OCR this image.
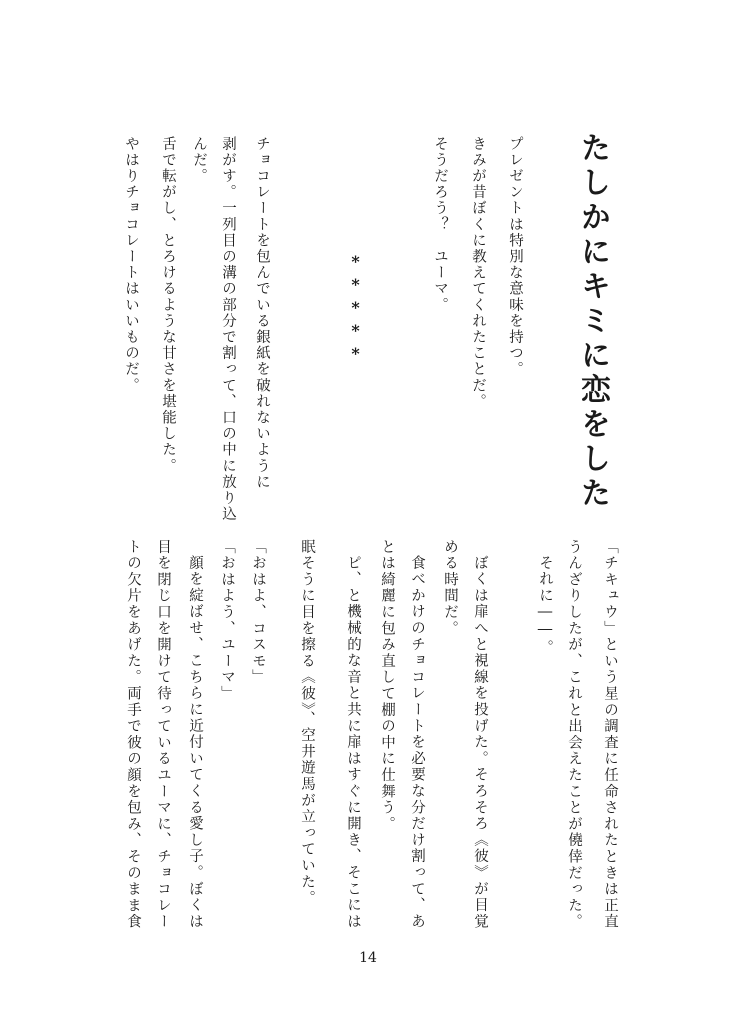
たしかにキミに恋をした
プレゼントは特別な意味を持つ。
きみが昔ぼくに教えてくれたことだ。
そうだろう？　ユーマ。
*****
チョコレートを包んでいる銀紙を破れないように
剥がす。一列目の溝の部分で割って、口の中に放り込
んだ。
舌で転がし、とろけるような甘さを堪能した。
やはりチョコレートはいいものだ。
「チキュウ」という星の調査に任命されたときは正直
うんざりしたが、これと出会えたことが僥倖だった。
それに――。
ぼくは扉へと視線を投げた。そろそろ《彼》が目覚
める時間だ。
食べかけのチョコレートを必要な分だけ割って、あ
とは綺麗に包み直して棚の中に仕舞う。
ピ、と機械的な音と共に扉はすぐに開き、そこには
眠そうに目を擦る《彼》、空井遊馬が立っていた。
「おはよ、コスモ」
「おはよう、ユーマ」
顔を綻ばせ、こちらに近付いてくる愛し子。ぼくは
目を閉じ口を開けて待っているユーマに、チョコレー
トの欠片をあげた。両手で彼の顔を包み、そのまま食
14
